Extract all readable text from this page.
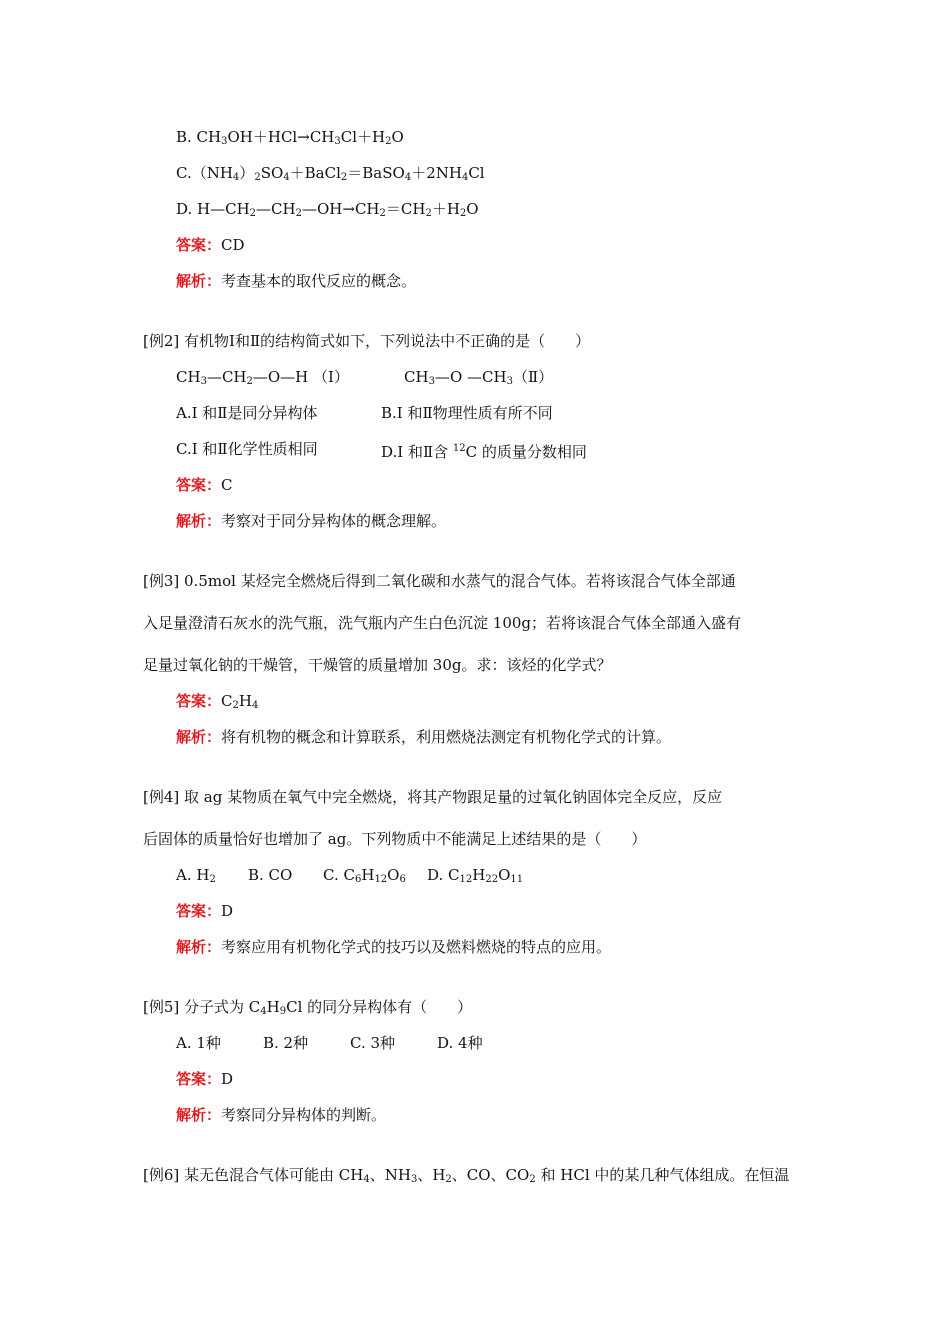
B. $CH_3OH+HCl\to CH_3Cl+H_2O$
$C.(NH_4)_2SO_4+BaCl_2=BaSO_4+2NH_4Cl$
D. $H—CH_2—CH_2—OH\to CH_2=CH_2+H_2O$
答案：CD
解析：考查基本的取代反应的概念。
[例2] 有机物Ⅰ和Ⅱ的结构简式如下，下列说法中不正确的是（　　）
$CH_3—CH_2—O—H$ （Ⅰ）	$CH_3—O$ $—CH_3(Ⅱ)$
A.Ⅰ 和Ⅱ是同分异构体	B.Ⅰ 和Ⅱ物理性质有所不同
C.Ⅰ 和Ⅱ化学性质相同	D.Ⅰ 和Ⅱ含 $^{12}$C 的质量分数相同
答案：C
解析：考察对于同分异构体的概念理解。
[例3] 0.5mol 某烃完全燃烧后得到二氧化碳和水蒸气的混合气体。若将该混合气体全部通
入足量澄清石灰水的洗气瓶，洗气瓶内产生白色沉淀 100g；若将该混合气体全部通入盛有
足量过氧化钠的干燥管，干燥管的质量增加 30g。求：该烃的化学式？
答案：$C_2H_4$
解析：将有机物的概念和计算联系，利用燃烧法测定有机物化学式的计算。
[例4] 取 ag 某物质在氧气中完全燃烧，将其产物跟足量的过氧化钠固体完全反应，反应
后固体的质量恰好也增加了 ag。下列物质中不能满足上述结果的是（　　）
A. $H_2$ B. CO C. $C_6H_{12}O_6$ D. $C_{12}H_{22}O_{11}$
答案：D
解析：考察应用有机物化学式的技巧以及燃料燃烧的特点的应用。
[例5] 分子式为 $C_4H_9Cl$ 的同分异构体有（　　）
A. 1种	B. 2种	C. 3种	D. 4种
答案：D
解析：考察同分异构体的判断。
[例6] 某无色混合气体可能由 $CH_4$、$NH_3$、$H_2$、CO、$CO_2$ 和 HCl 中的某几种气体组成。在恒温
